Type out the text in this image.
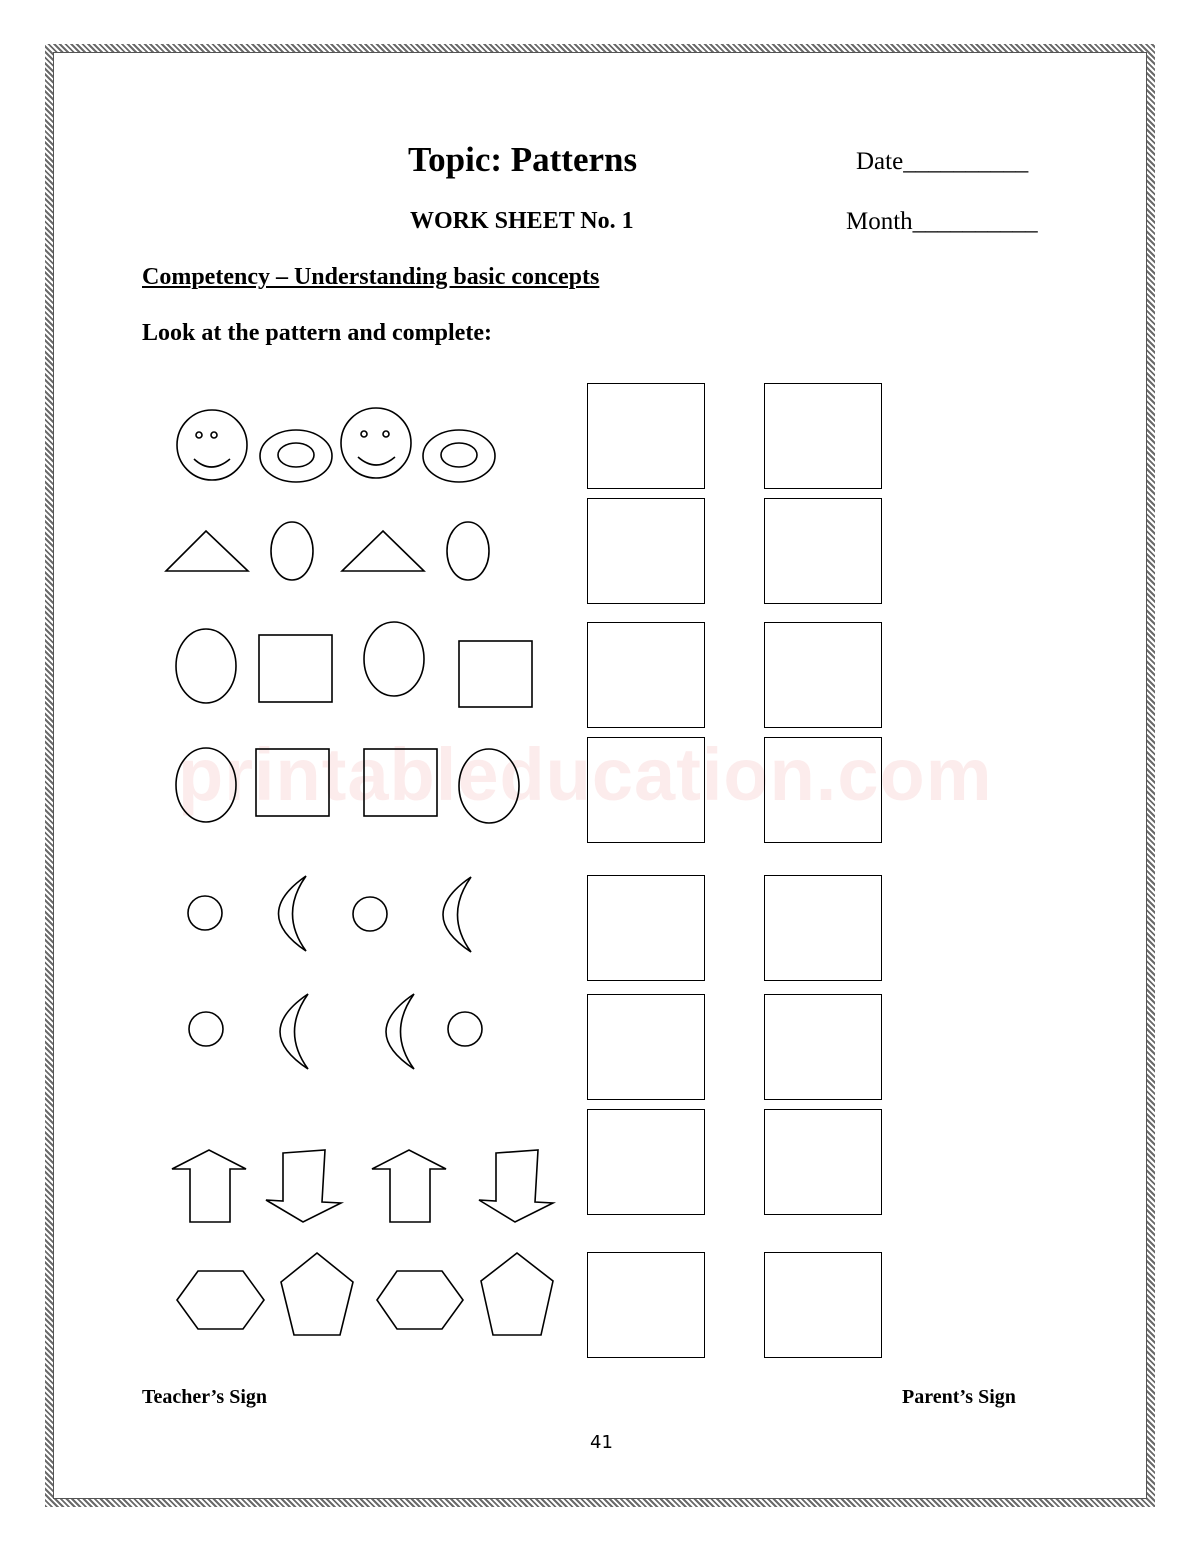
printableducation.com
Topic: Patterns	Date__________
WORK SHEET No. 1	Month__________
Competency – Understanding basic concepts
Look at the pattern and complete:
Teacher’s Sign	Parent’s Sign
41
